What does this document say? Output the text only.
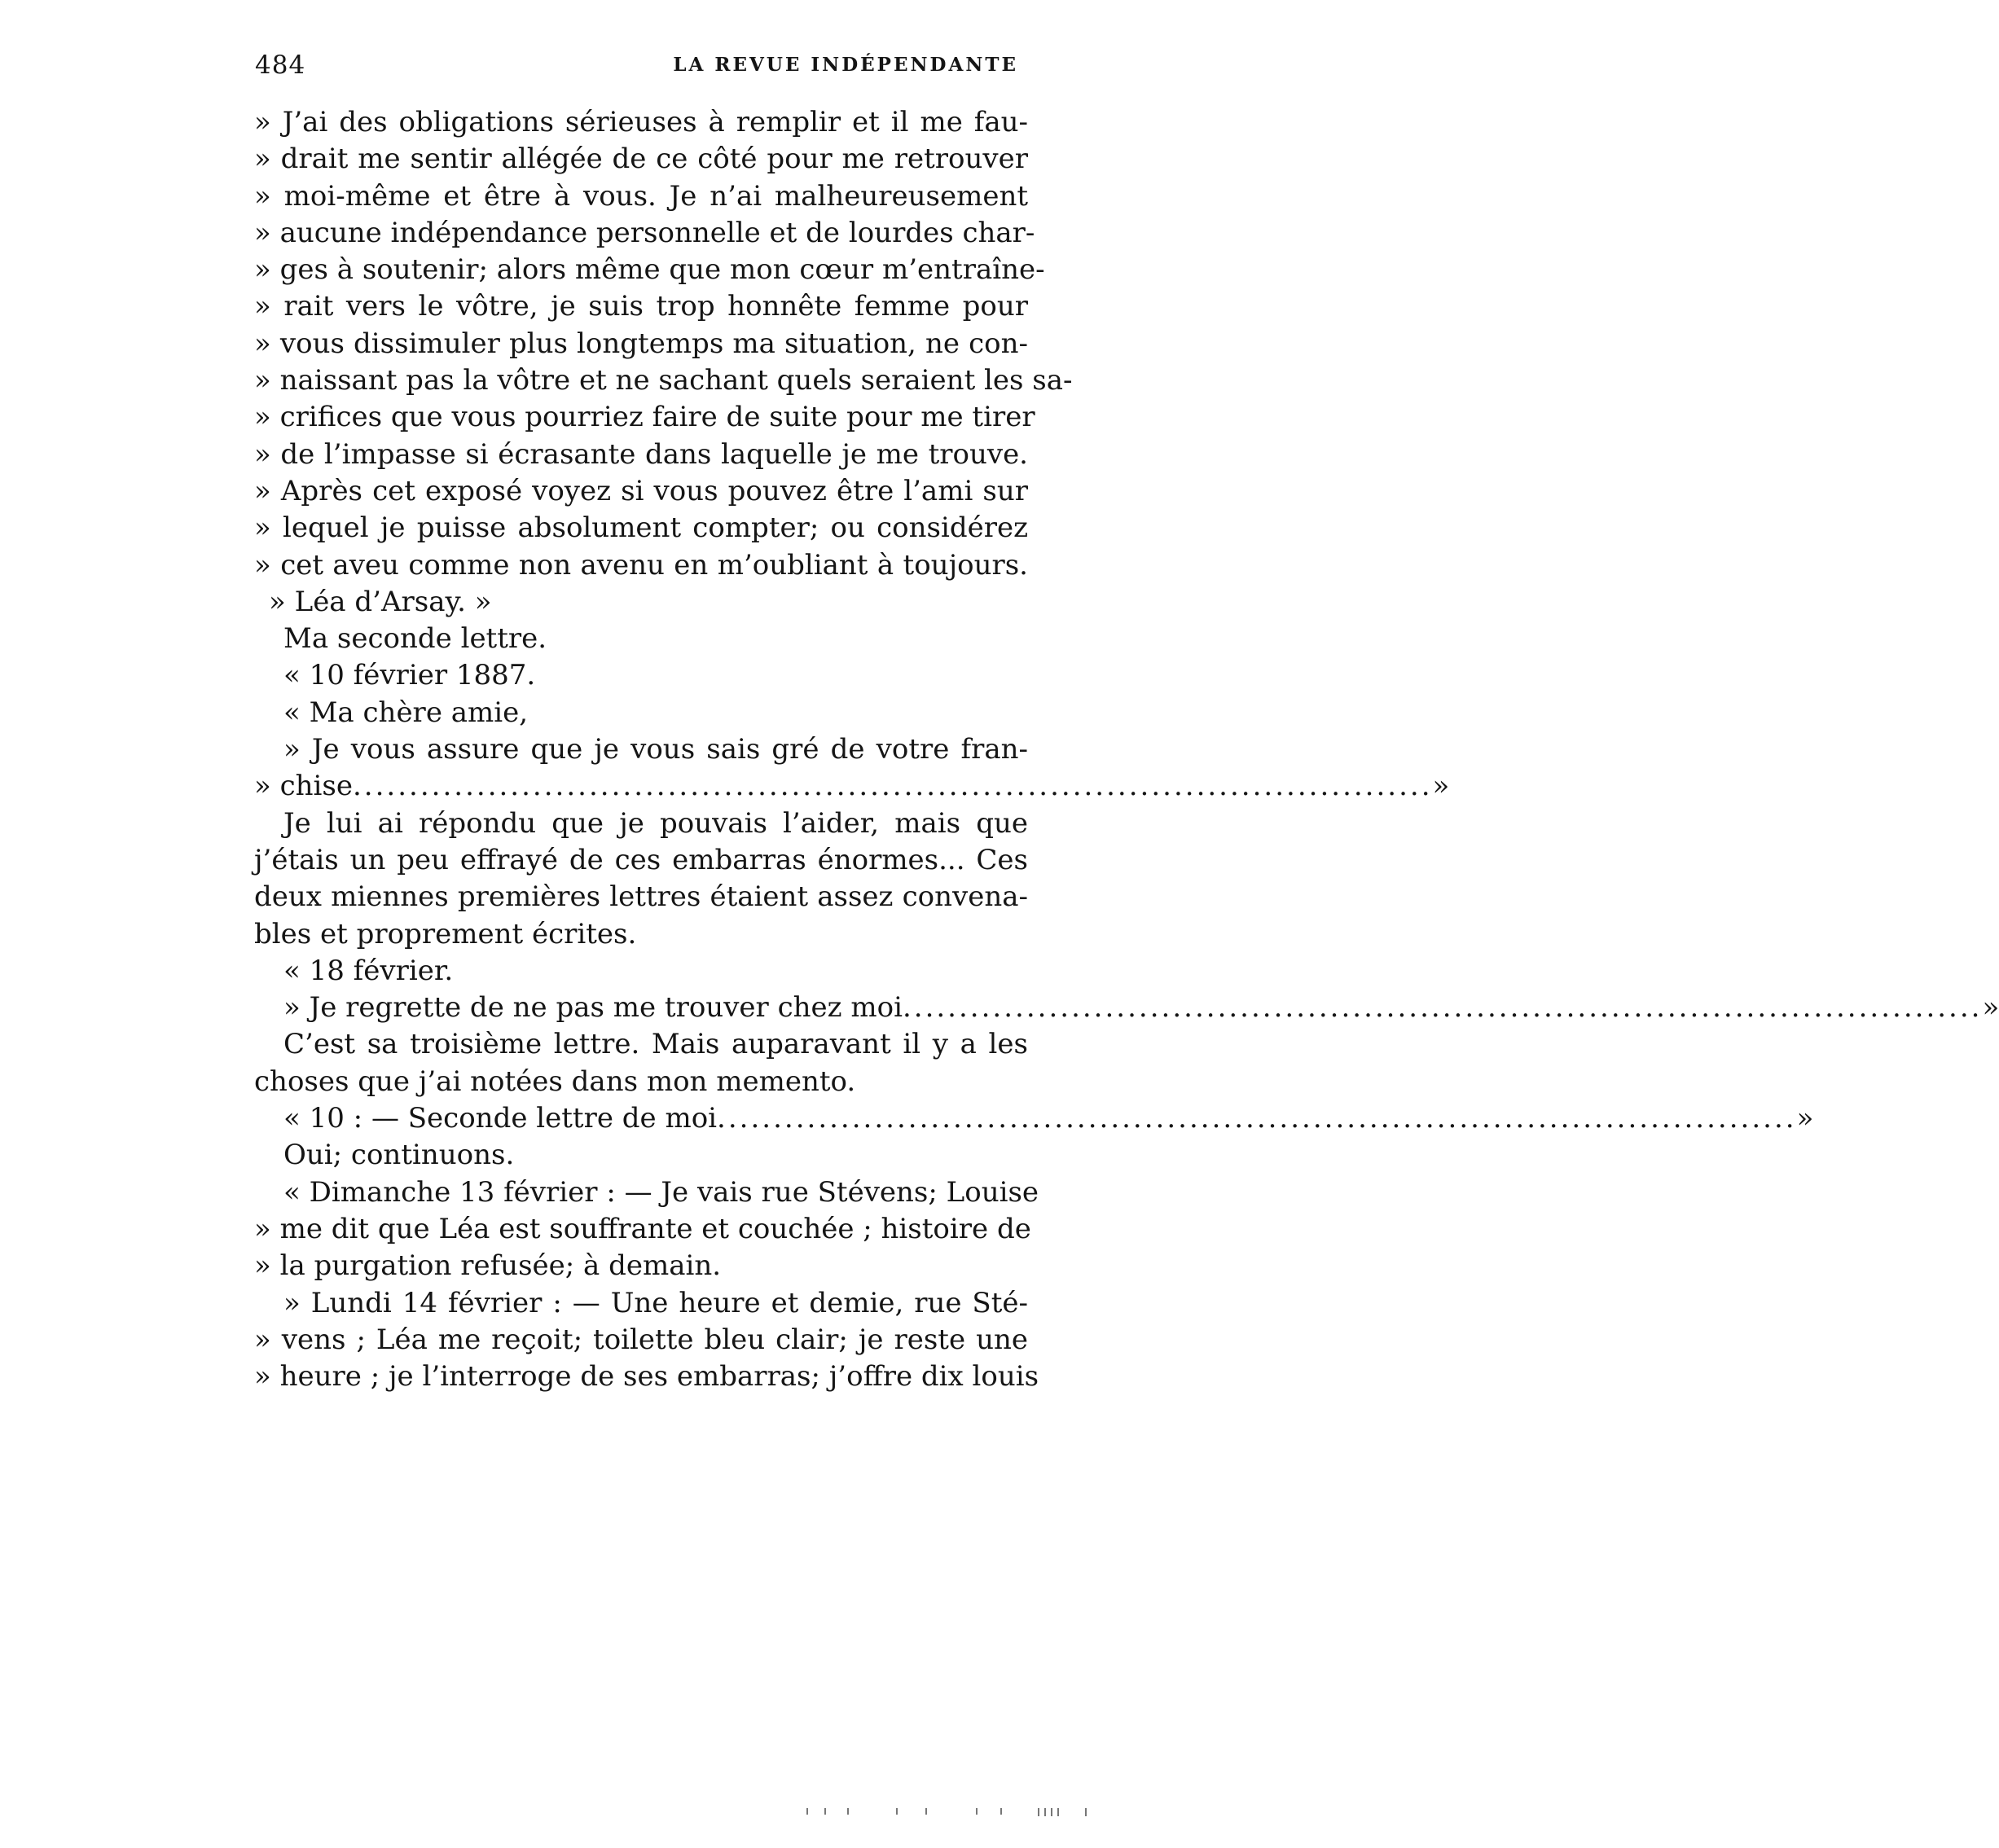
484	LA REVUE INDÉPENDANTE
» J’ai des obligations sérieuses à remplir et il me fau-
» drait me sentir allégée de ce côté pour me retrouver
» moi-même et être à vous. Je n’ai malheureusement
» aucune indépendance personnelle et de lourdes char-
» ges à soutenir; alors même que mon cœur m’entraîne-
» rait vers le vôtre, je suis trop honnête femme pour
» vous dissimuler plus longtemps ma situation, ne con-
» naissant pas la vôtre et ne sachant quels seraient les sa-
» crifices que vous pourriez faire de suite pour me tirer
» de l’impasse si écrasante dans laquelle je me trouve.
» Après cet exposé voyez si vous pouvez être l’ami sur
» lequel je puisse absolument compter; ou considérez
» cet aveu comme non avenu en m’oubliant à toujours.
» Léa d’Arsay. »
Ma seconde lettre.
« 10 février 1887.
« Ma chère amie,
» Je vous assure que je vous sais gré de votre fran-
» chise ................................................................................................ »
Je lui ai répondu que je pouvais l’aider, mais que
j’étais un peu effrayé de ces embarras énormes... Ces
deux miennes premières lettres étaient assez convena-
bles et proprement écrites.
« 18 février.
» Je regrette de ne pas me trouver chez moi ................................................................................................ »
C’est sa troisième lettre. Mais auparavant il y a les
choses que j’ai notées dans mon memento.
« 10 : — Seconde lettre de moi ................................................................................................ »
Oui; continuons.
« Dimanche 13 février : — Je vais rue Stévens; Louise
» me dit que Léa est souffrante et couchée ; histoire de
» la purgation refusée; à demain.
» Lundi 14 février : — Une heure et demie, rue Sté-
» vens ; Léa me reçoit; toilette bleu clair; je reste une
» heure ; je l’interroge de ses embarras; j’offre dix louis
